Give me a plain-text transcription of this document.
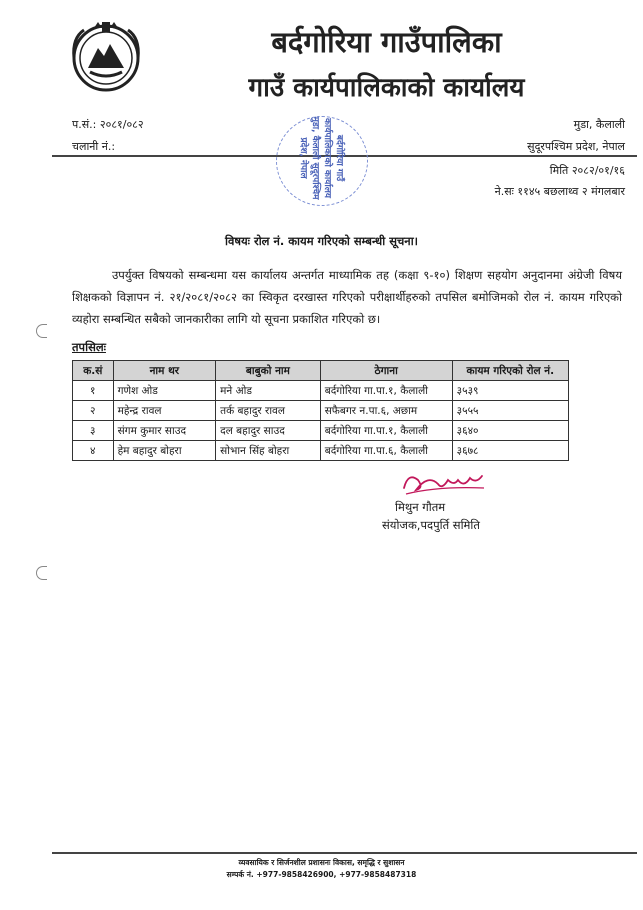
बर्दगोरिया गाउँपालिका
गाउँ कार्यपालिकाको कार्यालय
प.सं.: २०८१/०८२
चलानी नं.:
मुडा, कैलाली
सुदूरपश्चिम प्रदेश, नेपाल
मिति २०८२/०१/१६
ने.सः ११४५ बछलाथ्व २ मंगलबार
बर्दगोरिया गाउँ कार्यपालिकाको कार्यालय मुडा, कैलाली सुदूरपश्चिम प्रदेश, नेपाल
विषयः रोल नं. कायम गरिएको सम्बन्धी सूचना।
उपर्युक्त विषयको सम्बन्धमा यस कार्यालय अन्तर्गत माध्यामिक तह (कक्षा ९-१०) शिक्षण सहयोग अनुदानमा अंग्रेजी विषय शिक्षकको विज्ञापन नं. २१/२०८१/२०८२ का स्विकृत दरखास्त गरिएको परीक्षार्थीहरुको तपसिल बमोजिमको रोल नं. कायम गरिएको व्यहोरा सम्बन्धित सबैको जानकारीका लागि यो सूचना प्रकाशित गरिएको छ।
तपसिलः
क.सं	नाम थर	बाबुको नाम	ठेगाना	कायम गरिएको रोल नं.
१	गणेश ओड	मने ओड	बर्दगोरिया गा.पा.१, कैलाली	३५३९
२	महेन्द्र रावल	तर्क बहादुर रावल	सफैबगर न.पा.६, अछाम	३५५५
३	संगम कुमार साउद	दल बहादुर साउद	बर्दगोरिया गा.पा.१, कैलाली	३६४०
४	हेम बहादुर बोहरा	सोभान सिंह बोहरा	बर्दगोरिया गा.पा.६, कैलाली	३६७८
मिथुन गौतम
संयोजक,पदपुर्ति समिति
व्यवसायिक र सिर्जनशील प्रशासनः विकास, समृद्धि र सुशासन
सम्पर्क नं. +977-9858426900, +977-9858487318
